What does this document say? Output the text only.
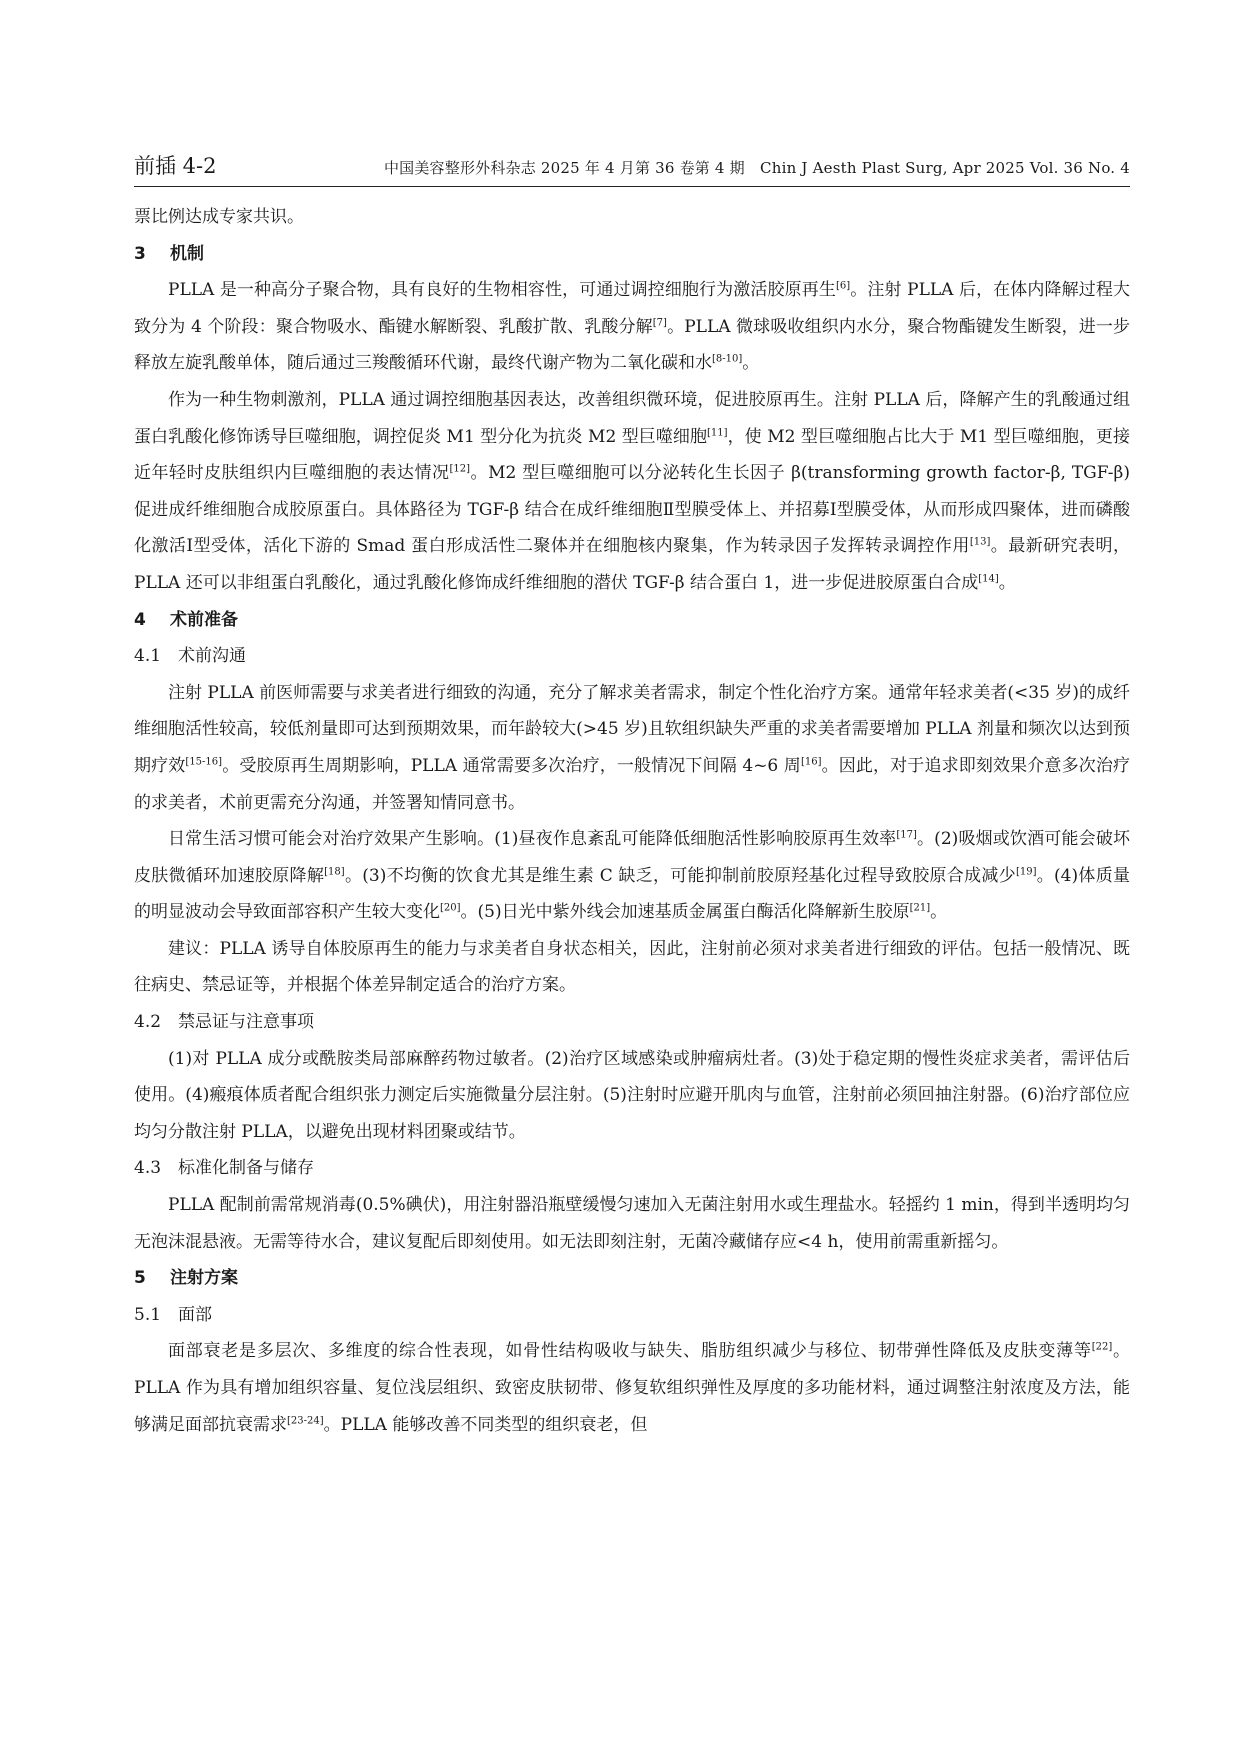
前插 4-2	中国美容整形外科杂志 2025 年 4 月第 36 卷第 4 期　Chin J Aesth Plast Surg, Apr 2025 Vol. 36 No. 4

票比例达成专家共识。

3 机制

PLLA 是一种高分子聚合物，具有良好的生物相容性，可通过调控细胞行为激活胶原再生[6]。注射 PLLA 后，在体内降解过程大致分为 4 个阶段：聚合物吸水、酯键水解断裂、乳酸扩散、乳酸分解[7]。PLLA 微球吸收组织内水分，聚合物酯键发生断裂，进一步释放左旋乳酸单体，随后通过三羧酸循环代谢，最终代谢产物为二氧化碳和水[8-10]。

作为一种生物刺激剂，PLLA 通过调控细胞基因表达，改善组织微环境，促进胶原再生。注射 PLLA 后，降解产生的乳酸通过组蛋白乳酸化修饰诱导巨噬细胞，调控促炎 M1 型分化为抗炎 M2 型巨噬细胞[11]，使 M2 型巨噬细胞占比大于 M1 型巨噬细胞，更接近年轻时皮肤组织内巨噬细胞的表达情况[12]。M2 型巨噬细胞可以分泌转化生长因子 β(transforming growth factor-β, TGF-β) 促进成纤维细胞合成胶原蛋白。具体路径为 TGF-β 结合在成纤维细胞Ⅱ型膜受体上、并招募Ⅰ型膜受体，从而形成四聚体，进而磷酸化激活Ⅰ型受体，活化下游的 Smad 蛋白形成活性二聚体并在细胞核内聚集，作为转录因子发挥转录调控作用[13]。最新研究表明，PLLA 还可以非组蛋白乳酸化，通过乳酸化修饰成纤维细胞的潜伏 TGF-β 结合蛋白 1，进一步促进胶原蛋白合成[14]。

4 术前准备

4.1 术前沟通

注射 PLLA 前医师需要与求美者进行细致的沟通，充分了解求美者需求，制定个性化治疗方案。通常年轻求美者(<35 岁)的成纤维细胞活性较高，较低剂量即可达到预期效果，而年龄较大(>45 岁)且软组织缺失严重的求美者需要增加 PLLA 剂量和频次以达到预期疗效[15-16]。受胶原再生周期影响，PLLA 通常需要多次治疗，一般情况下间隔 4~6 周[16]。因此，对于追求即刻效果介意多次治疗的求美者，术前更需充分沟通，并签署知情同意书。

日常生活习惯可能会对治疗效果产生影响。(1)昼夜作息紊乱可能降低细胞活性影响胶原再生效率[17]。(2)吸烟或饮酒可能会破坏皮肤微循环加速胶原降解[18]。(3)不均衡的饮食尤其是维生素 C 缺乏，可能抑制前胶原羟基化过程导致胶原合成减少[19]。(4)体质量的明显波动会导致面部容积产生较大变化[20]。(5)日光中紫外线会加速基质金属蛋白酶活化降解新生胶原[21]。

建议：PLLA 诱导自体胶原再生的能力与求美者自身状态相关，因此，注射前必须对求美者进行细致的评估。包括一般情况、既往病史、禁忌证等，并根据个体差异制定适合的治疗方案。

4.2 禁忌证与注意事项

(1)对 PLLA 成分或酰胺类局部麻醉药物过敏者。(2)治疗区域感染或肿瘤病灶者。(3)处于稳定期的慢性炎症求美者，需评估后使用。(4)瘢痕体质者配合组织张力测定后实施微量分层注射。(5)注射时应避开肌肉与血管，注射前必须回抽注射器。(6)治疗部位应均匀分散注射 PLLA，以避免出现材料团聚或结节。

4.3 标准化制备与储存

PLLA 配制前需常规消毒(0.5%碘伏)，用注射器沿瓶壁缓慢匀速加入无菌注射用水或生理盐水。轻摇约 1 min，得到半透明均匀无泡沫混悬液。无需等待水合，建议复配后即刻使用。如无法即刻注射，无菌冷藏储存应<4 h，使用前需重新摇匀。

5 注射方案

5.1 面部

面部衰老是多层次、多维度的综合性表现，如骨性结构吸收与缺失、脂肪组织减少与移位、韧带弹性降低及皮肤变薄等[22]。PLLA 作为具有增加组织容量、复位浅层组织、致密皮肤韧带、修复软组织弹性及厚度的多功能材料，通过调整注射浓度及方法，能够满足面部抗衰需求[23-24]。PLLA 能够改善不同类型的组织衰老，但
